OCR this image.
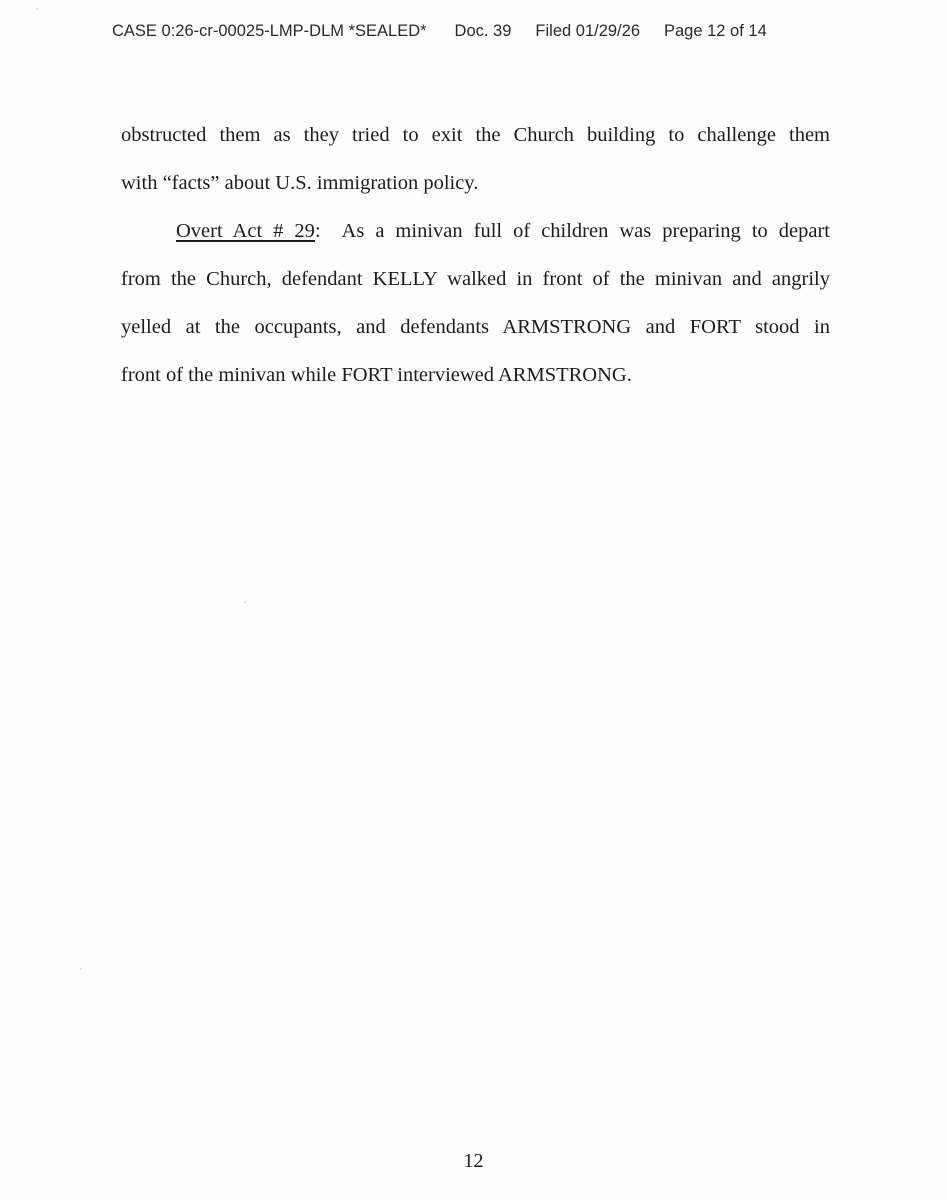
CASE 0:26-cr-00025-LMP-DLM *SEALED* Doc. 39 Filed 01/29/26 Page 12 of 14
obstructed them as they tried to exit the Church building to challenge them
with “facts” about U.S. immigration policy.
Overt Act # 29: As a minivan full of children was preparing to depart
from the Church, defendant KELLY walked in front of the minivan and angrily
yelled at the occupants, and defendants ARMSTRONG and FORT stood in
front of the minivan while FORT interviewed ARMSTRONG.
12
